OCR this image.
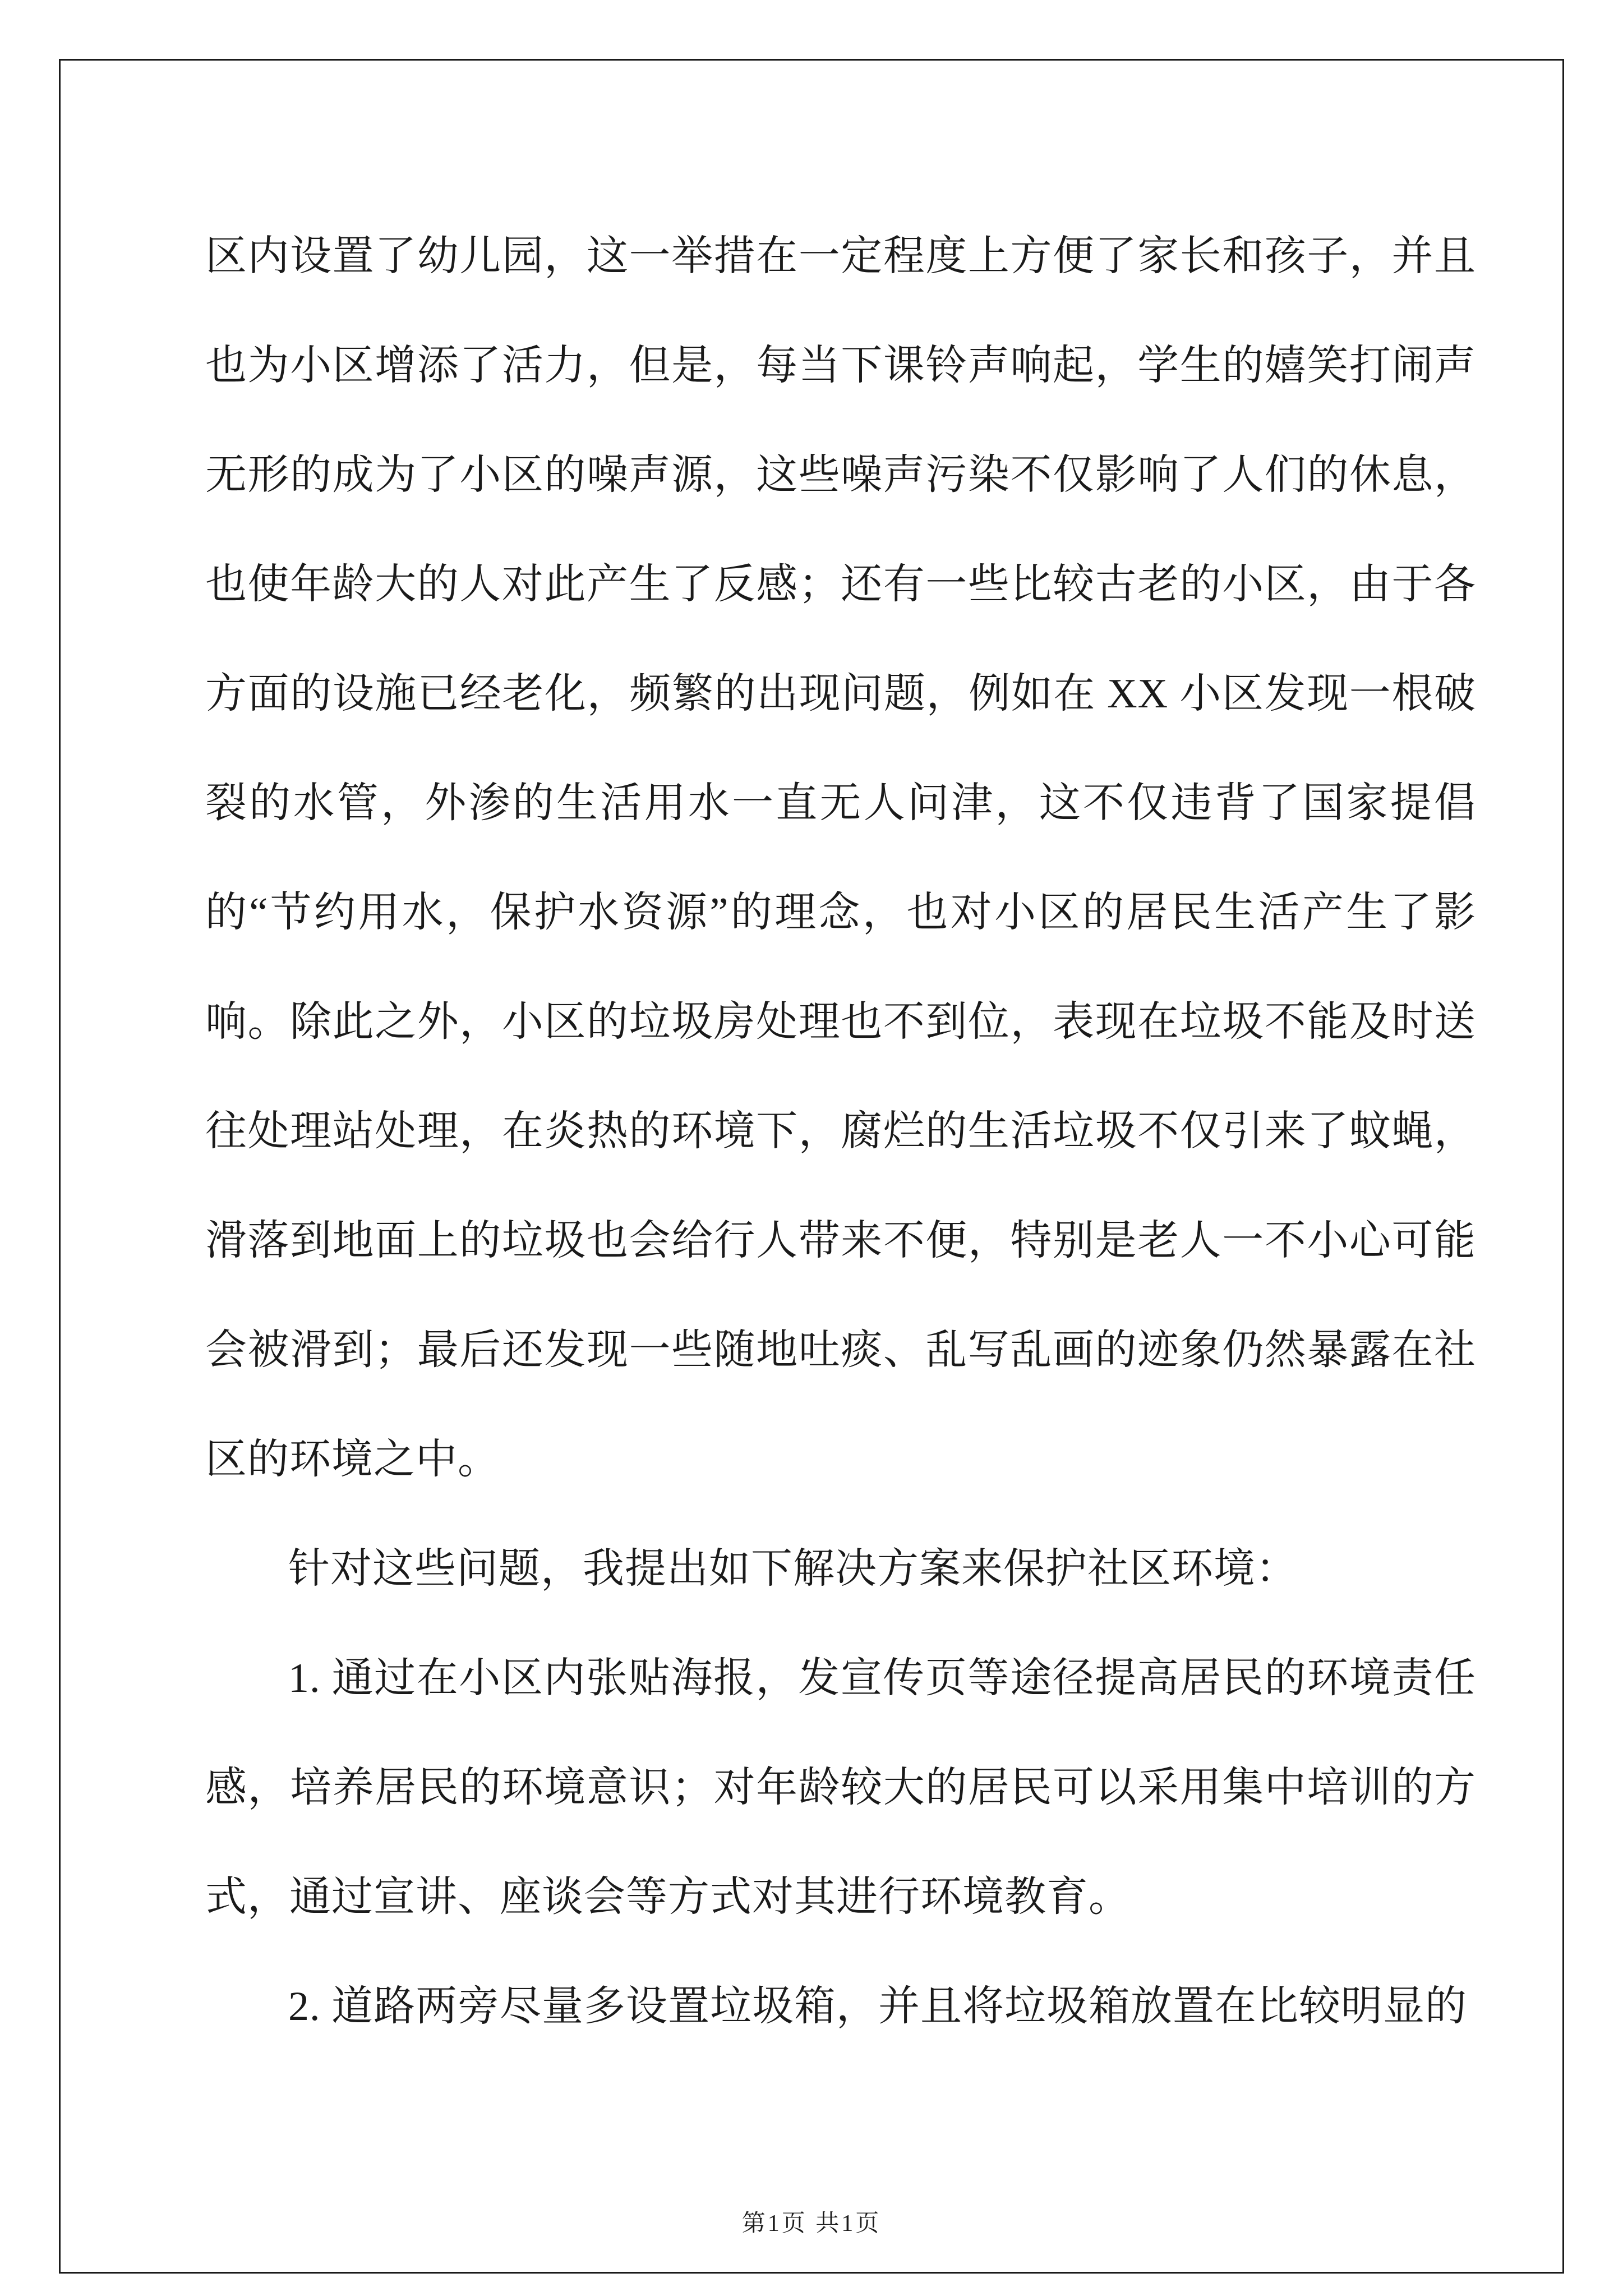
区内设置了幼儿园，这一举措在一定程度上方便了家长和孩子，并且也为小区增添了活力，但是，每当下课铃声响起，学生的嬉笑打闹声无形的成为了小区的噪声源，这些噪声污染不仅影响了人们的休息，也使年龄大的人对此产生了反感；还有一些比较古老的小区，由于各方面的设施已经老化，频繁的出现问题，例如在 XX 小区发现一根破裂的水管，外渗的生活用水一直无人问津，这不仅违背了国家提倡的“节约用水，保护水资源”的理念，也对小区的居民生活产生了影响。除此之外，小区的垃圾房处理也不到位，表现在垃圾不能及时送往处理站处理，在炎热的环境下，腐烂的生活垃圾不仅引来了蚊蝇，滑落到地面上的垃圾也会给行人带来不便，特别是老人一不小心可能会被滑到；最后还发现一些随地吐痰、乱写乱画的迹象仍然暴露在社区的环境之中。

针对这些问题，我提出如下解决方案来保护社区环境：

1. 通过在小区内张贴海报，发宣传页等途径提高居民的环境责任感，培养居民的环境意识；对年龄较大的居民可以采用集中培训的方式，通过宣讲、座谈会等方式对其进行环境教育。

2. 道路两旁尽量多设置垃圾箱，并且将垃圾箱放置在比较明显的

第1页 共1页
